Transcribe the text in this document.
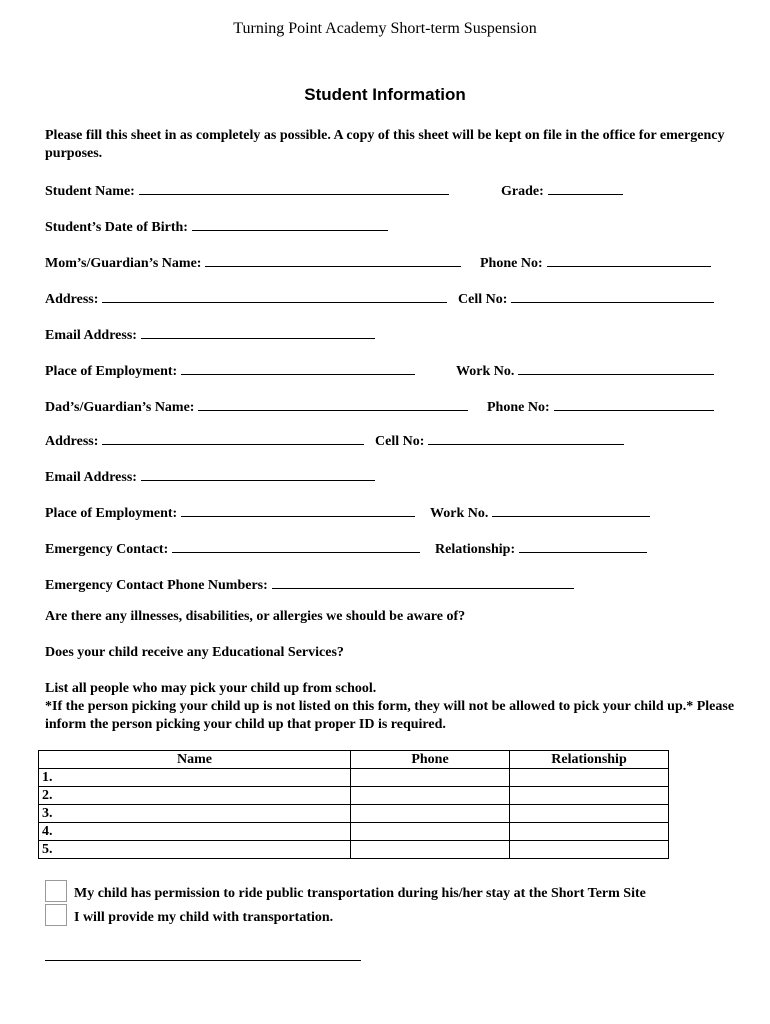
Turning Point Academy Short-term Suspension
Student Information
Please fill this sheet in as completely as possible. A copy of this sheet will be kept on file in the office for emergency purposes.
Student Name:	Grade:
Student’s Date of Birth:
Mom’s/Guardian’s Name:	Phone No:
Address:	Cell No:
Email Address:
Place of Employment:	Work No.
Dad’s/Guardian’s Name:	Phone No:
Address:	Cell No:
Email Address:
Place of Employment:	Work No.
Emergency Contact:	Relationship:
Emergency Contact Phone Numbers:
Are there any illnesses, disabilities, or allergies we should be aware of?
Does your child receive any Educational Services?
List all people who may pick your child up from school.
*If the person picking your child up is not listed on this form, they will not be allowed to pick your child up.* Please inform the person picking your child up that proper ID is required.
Name	Phone	Relationship
1.		
2.		
3.		
4.		
5.		
My child has permission to ride public transportation during his/her stay at the Short Term Site
I will provide my child with transportation.
